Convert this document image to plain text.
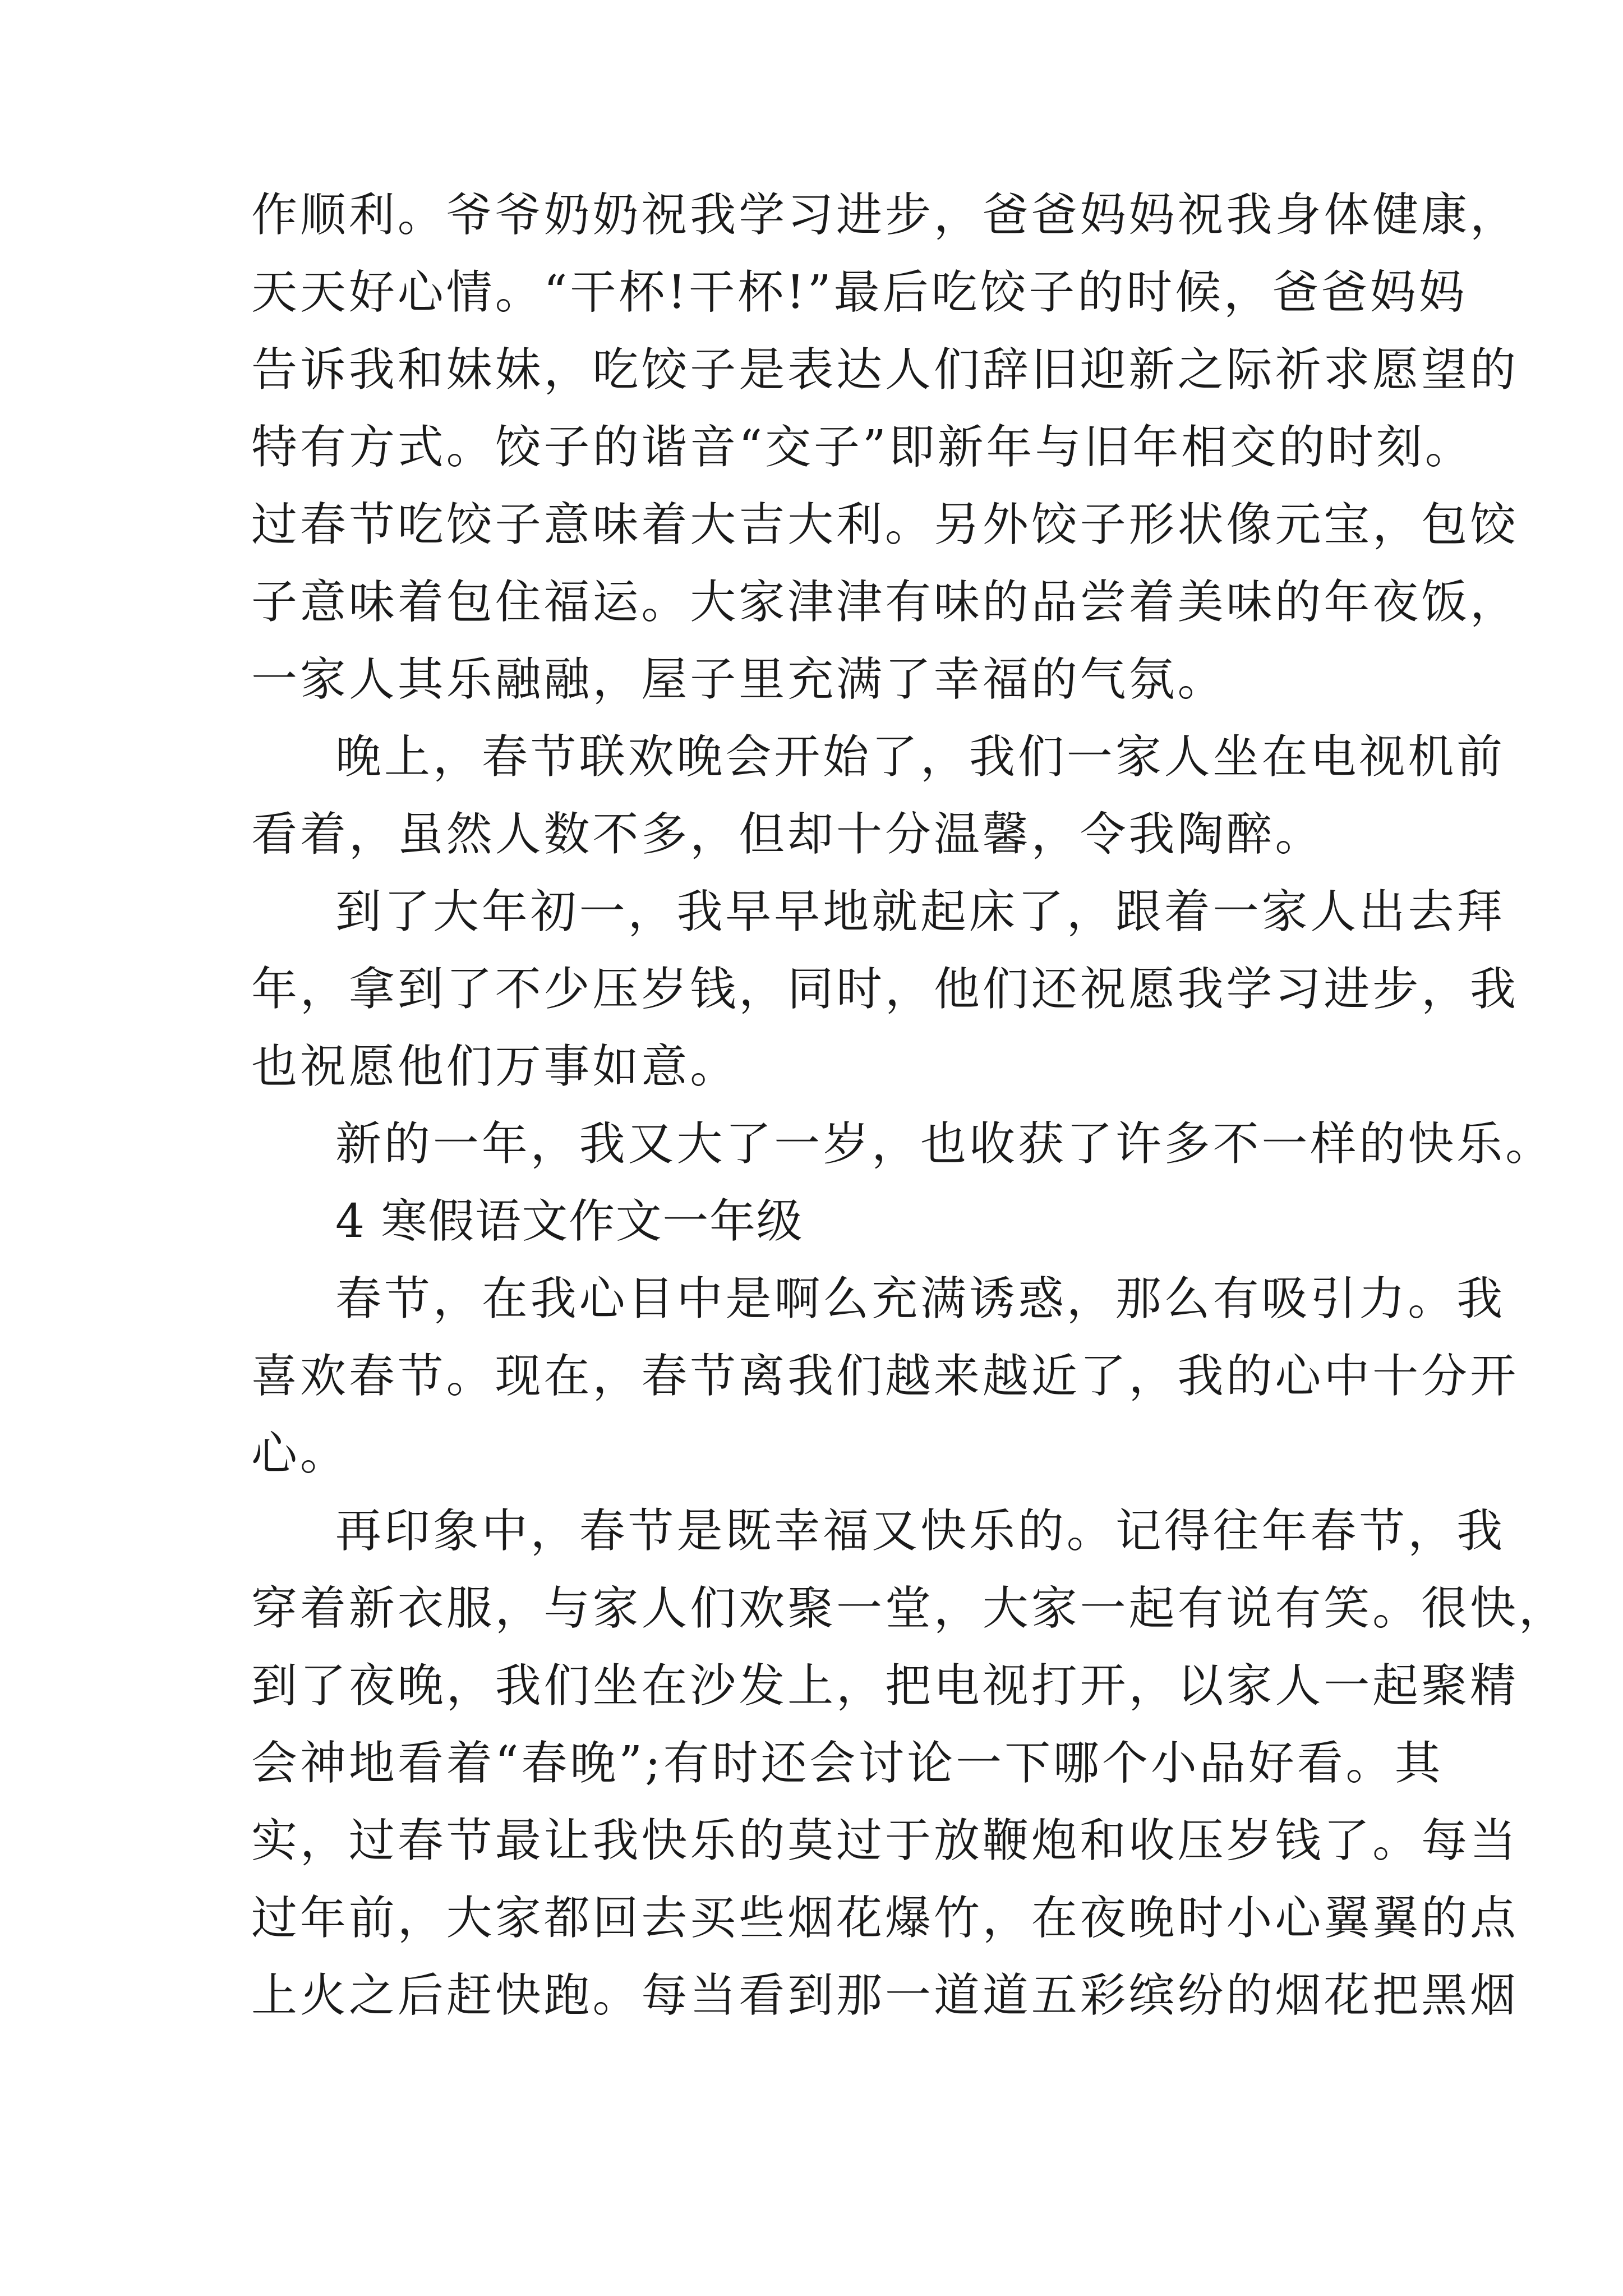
作顺利。爷爷奶奶祝我学习进步，爸爸妈妈祝我身体健康，
天天好心情。“干杯!干杯!”最后吃饺子的时候，爸爸妈妈
告诉我和妹妹，吃饺子是表达人们辞旧迎新之际祈求愿望的
特有方式。饺子的谐音“交子”即新年与旧年相交的时刻。
过春节吃饺子意味着大吉大利。另外饺子形状像元宝，包饺
子意味着包住福运。大家津津有味的品尝着美味的年夜饭，
一家人其乐融融，屋子里充满了幸福的气氛。
晚上，春节联欢晚会开始了，我们一家人坐在电视机前
看着，虽然人数不多，但却十分温馨，令我陶醉。
到了大年初一，我早早地就起床了，跟着一家人出去拜
年，拿到了不少压岁钱，同时，他们还祝愿我学习进步，我
也祝愿他们万事如意。
新的一年，我又大了一岁，也收获了许多不一样的快乐。
4 寒假语文作文一年级
春节，在我心目中是啊么充满诱惑，那么有吸引力。我
喜欢春节。现在，春节离我们越来越近了，我的心中十分开
心。
再印象中，春节是既幸福又快乐的。记得往年春节，我
穿着新衣服，与家人们欢聚一堂，大家一起有说有笑。很快，
到了夜晚，我们坐在沙发上，把电视打开，以家人一起聚精
会神地看着“春晚”;有时还会讨论一下哪个小品好看。其
实，过春节最让我快乐的莫过于放鞭炮和收压岁钱了。每当
过年前，大家都回去买些烟花爆竹，在夜晚时小心翼翼的点
上火之后赶快跑。每当看到那一道道五彩缤纷的烟花把黑烟
